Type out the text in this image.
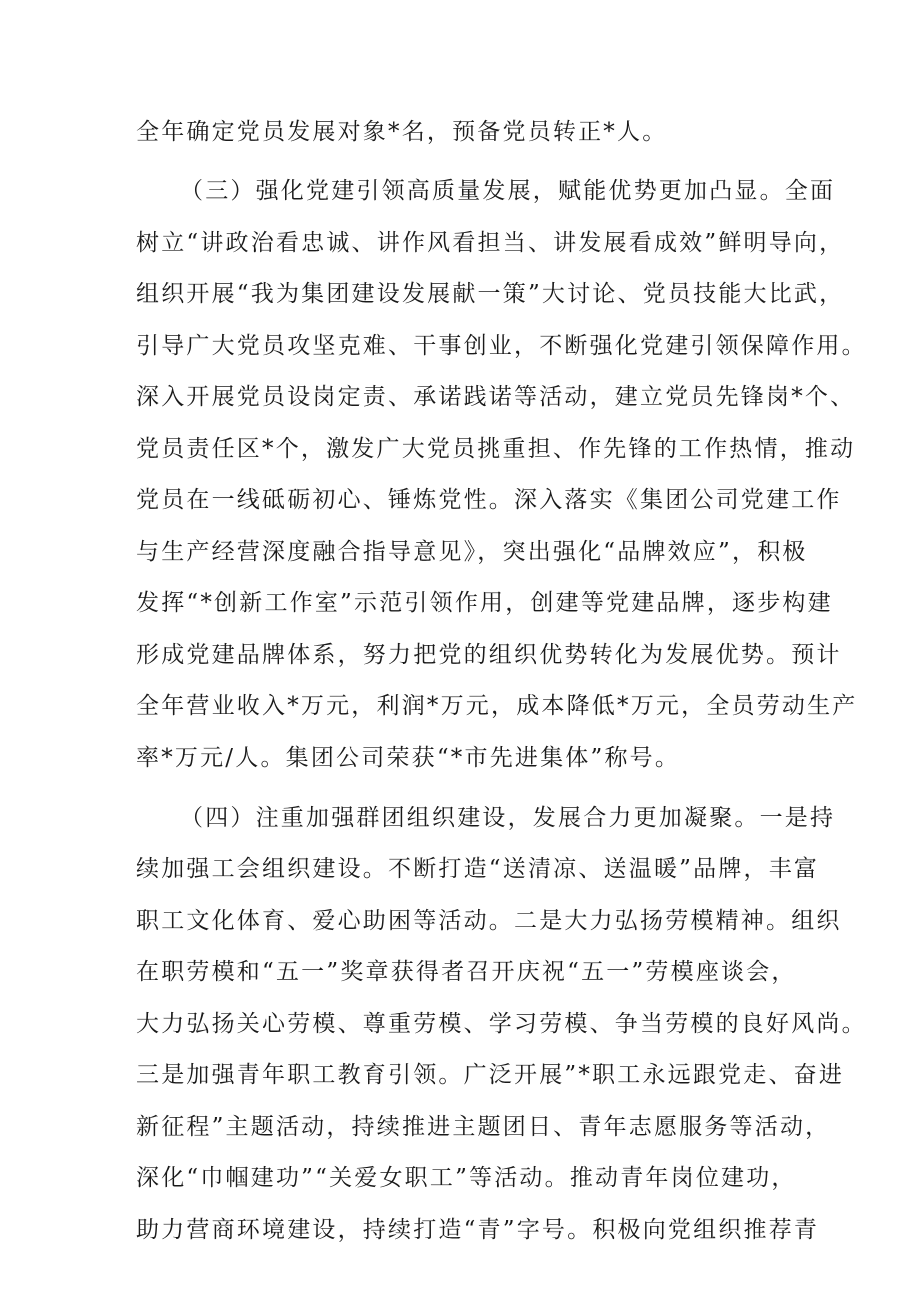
全年确定党员发展对象*名，预备党员转正*人。

（三）强化党建引领高质量发展，赋能优势更加凸显。全面

树立“讲政治看忠诚、讲作风看担当、讲发展看成效”鲜明导向，

组织开展“我为集团建设发展献一策”大讨论、党员技能大比武，

引导广大党员攻坚克难、干事创业，不断强化党建引领保障作用。

深入开展党员设岗定责、承诺践诺等活动，建立党员先锋岗*个、

党员责任区*个，激发广大党员挑重担、作先锋的工作热情，推动

党员在一线砥砺初心、锤炼党性。深入落实《集团公司党建工作

与生产经营深度融合指导意见》，突出强化“品牌效应”，积极

发挥“*创新工作室”示范引领作用，创建等党建品牌，逐步构建

形成党建品牌体系，努力把党的组织优势转化为发展优势。预计

全年营业收入*万元，利润*万元，成本降低*万元，全员劳动生产

率*万元/人。集团公司荣获“*市先进集体”称号。

（四）注重加强群团组织建设，发展合力更加凝聚。一是持

续加强工会组织建设。不断打造“送清凉、送温暖”品牌，丰富

职工文化体育、爱心助困等活动。二是大力弘扬劳模精神。组织

在职劳模和“五一”奖章获得者召开庆祝“五一”劳模座谈会，

大力弘扬关心劳模、尊重劳模、学习劳模、争当劳模的良好风尚。

三是加强青年职工教育引领。广泛开展”*职工永远跟党走、奋进

新征程”主题活动，持续推进主题团日、青年志愿服务等活动，

深化“巾帼建功”“关爱女职工”等活动。推动青年岗位建功，

助力营商环境建设，持续打造“青”字号。积极向党组织推荐青
